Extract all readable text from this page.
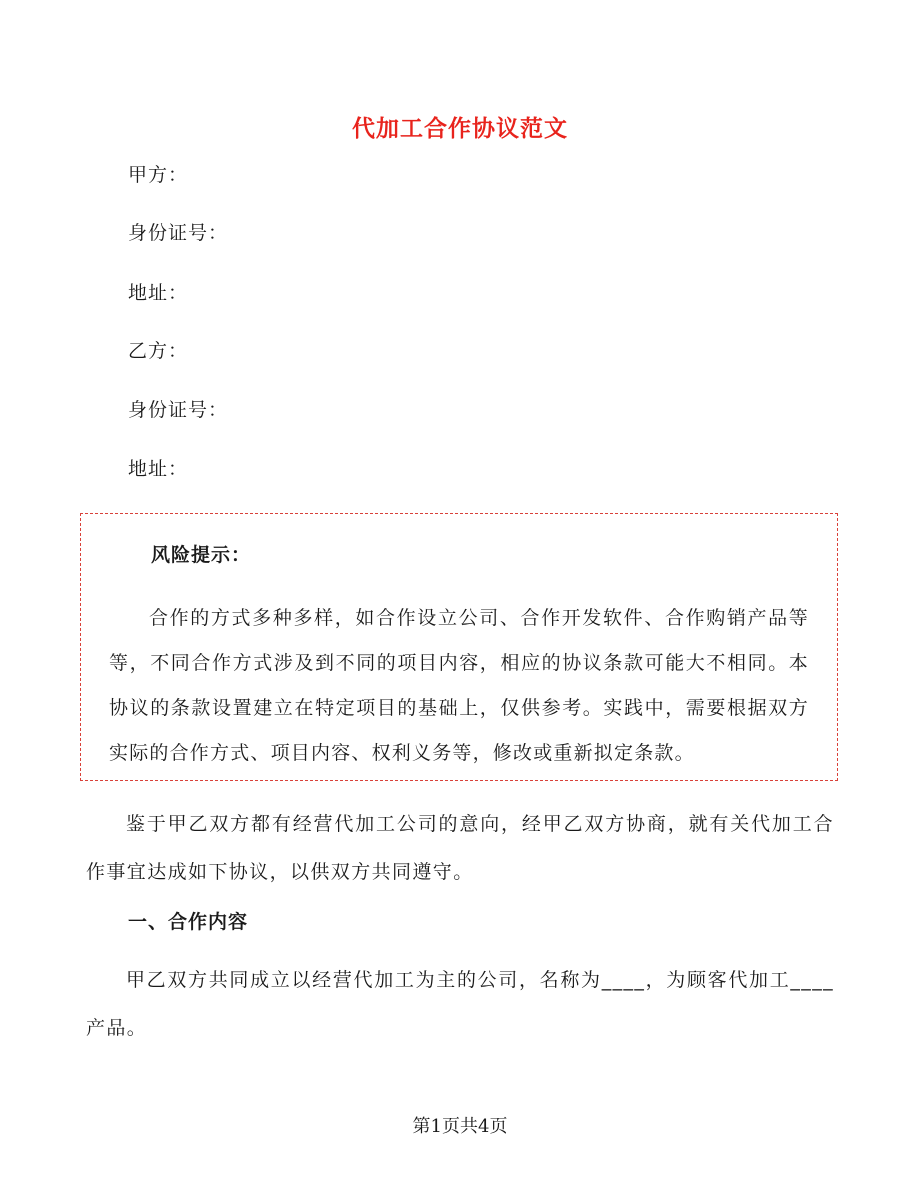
代加工合作协议范文
甲方：
身份证号：
地址：
乙方：
身份证号：
地址：
风险提示：
合作的方式多种多样，如合作设立公司、合作开发软件、合作购销产品等等，不同合作方式涉及到不同的项目内容，相应的协议条款可能大不相同。本协议的条款设置建立在特定项目的基础上，仅供参考。实践中，需要根据双方实际的合作方式、项目内容、权利义务等，修改或重新拟定条款。
鉴于甲乙双方都有经营代加工公司的意向，经甲乙双方协商，就有关代加工合作事宜达成如下协议，以供双方共同遵守。
一、合作内容
甲乙双方共同成立以经营代加工为主的公司，名称为____，为顾客代加工____产品。
第1页共4页
